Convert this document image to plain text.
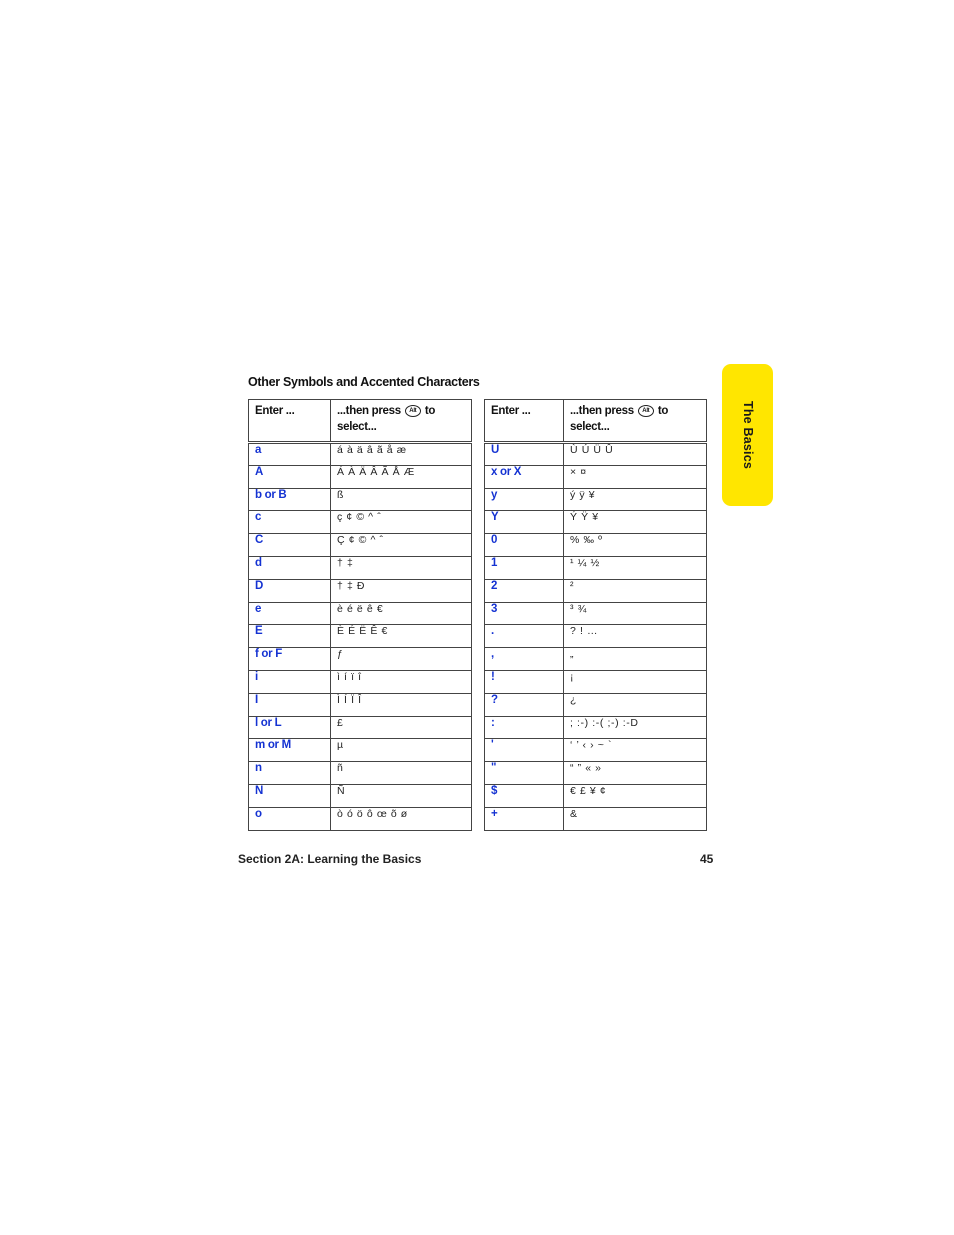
The Basics
Other Symbols and Accented Characters
Enter ...	...then press Alt to
select...
a	á à ä â ã å æ
A	Á À Ä Â Ã Å Æ
b or B	ß
c	ç ¢ © ^ ˆ
C	Ç ¢ © ^ ˆ
d	† ‡
D	† ‡ Ð
e	è é ë ê €
E	È É Ë Ê €
f or F	ƒ
i	ì í ï î
I	Ì Í Ï Î
l or L	£
m or M	µ
n	ñ
N	Ñ
o	ò ó ö ô œ õ ø
Enter ...	...then press Alt to
select...
U	Ù Ú Ü Û
x or X	× ¤
y	ý ÿ ¥
Y	Ý Ÿ ¥
0	% ‰ º
1	¹ ¼ ½
2	²
3	³ ¾
.	? ! …
,	„
!	¡
?	¿
:	; :-) :-( ;-) :-D
'	‘ ’ ‹ › ~ `
"	“ ” « »
$	€ £ ¥ ¢
+	&
Section 2A: Learning the Basics	45
